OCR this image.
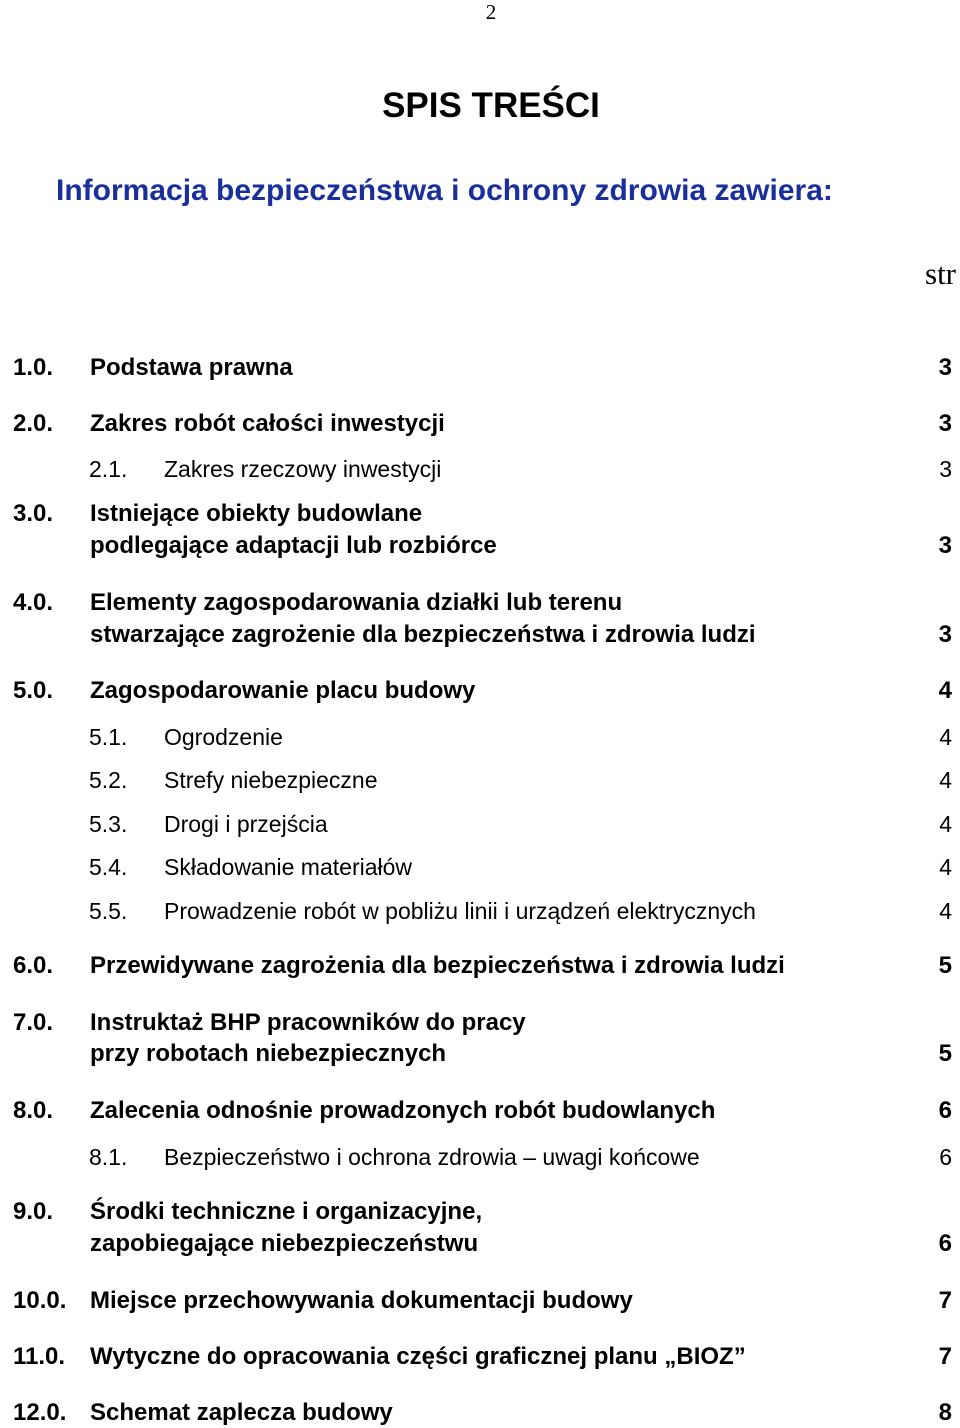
2
SPIS TREŚCI
Informacja bezpieczeństwa i ochrony zdrowia zawiera:
str
1.0. Podstawa prawna	3
2.0. Zakres robót całości inwestycji	3
2.1. Zakres rzeczowy inwestycji	3
3.0. Istniejące obiekty budowlane
podlegające adaptacji lub rozbiórce	3
4.0. Elementy zagospodarowania działki lub terenu
stwarzające zagrożenie dla bezpieczeństwa i zdrowia ludzi	3
5.0. Zagospodarowanie placu budowy	4
5.1. Ogrodzenie	4
5.2. Strefy niebezpieczne	4
5.3. Drogi i przejścia	4
5.4. Składowanie materiałów	4
5.5. Prowadzenie robót w pobliżu linii i urządzeń elektrycznych	4
6.0. Przewidywane zagrożenia dla bezpieczeństwa i zdrowia ludzi	5
7.0. Instruktaż BHP pracowników do pracy
przy robotach niebezpiecznych	5
8.0. Zalecenia odnośnie prowadzonych robót budowlanych	6
8.1. Bezpieczeństwo i ochrona zdrowia – uwagi końcowe	6
9.0. Środki techniczne i organizacyjne,
zapobiegające niebezpieczeństwu	6
10.0. Miejsce przechowywania dokumentacji budowy	7
11.0. Wytyczne do opracowania części graficznej planu „BIOZ”	7
12.0. Schemat zaplecza budowy	8
